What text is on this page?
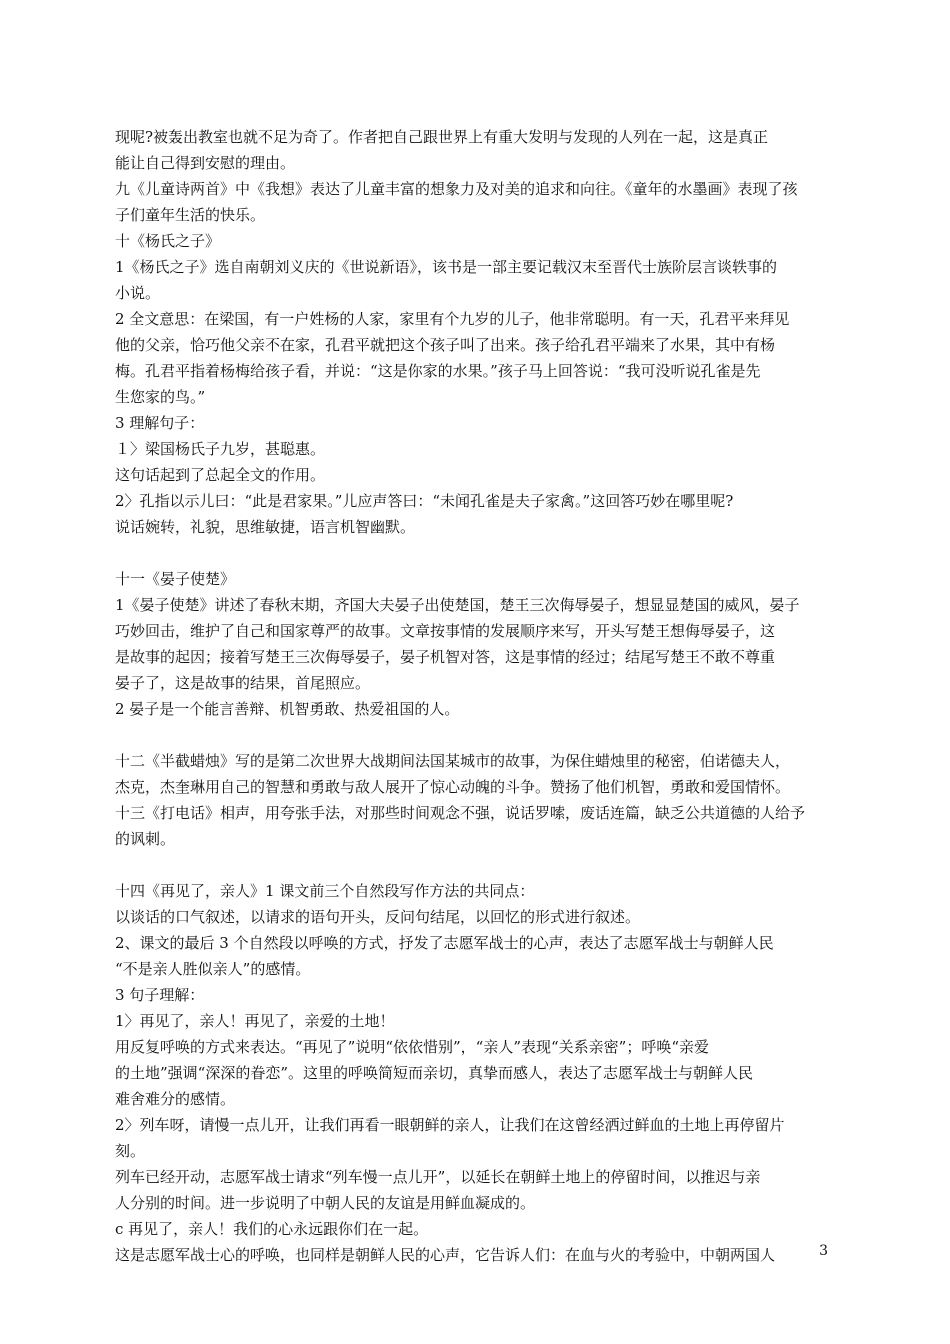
现呢?被轰出教室也就不足为奇了。作者把自己跟世界上有重大发明与发现的人列在一起，这是真正
能让自己得到安慰的理由。
九《儿童诗两首》中《我想》表达了儿童丰富的想象力及对美的追求和向往。《童年的水墨画》表现了孩
子们童年生活的快乐。
十《杨氏之子》
1《杨氏之子》选自南朝刘义庆的《世说新语》，该书是一部主要记载汉末至晋代士族阶层言谈轶事的
小说。
2 全文意思：在梁国，有一户姓杨的人家，家里有个九岁的儿子，他非常聪明。有一天，孔君平来拜见
他的父亲，恰巧他父亲不在家，孔君平就把这个孩子叫了出来。孩子给孔君平端来了水果，其中有杨
梅。孔君平指着杨梅给孩子看，并说：“这是你家的水果。”孩子马上回答说：“我可没听说孔雀是先
生您家的鸟。”
3 理解句子：
１〉梁国杨氏子九岁，甚聪惠。
这句话起到了总起全文的作用。
2〉孔指以示儿曰：“此是君家果。”儿应声答曰：“未闻孔雀是夫子家禽。”这回答巧妙在哪里呢?
说话婉转，礼貌，思维敏捷，语言机智幽默。
十一《晏子使楚》
1《晏子使楚》讲述了春秋末期，齐国大夫晏子出使楚国，楚王三次侮辱晏子，想显显楚国的威风，晏子
巧妙回击，维护了自己和国家尊严的故事。文章按事情的发展顺序来写，开头写楚王想侮辱晏子，这
是故事的起因；接着写楚王三次侮辱晏子，晏子机智对答，这是事情的经过；结尾写楚王不敢不尊重
晏子了，这是故事的结果，首尾照应。
2 晏子是一个能言善辩、机智勇敢、热爱祖国的人。
十二《半截蜡烛》写的是第二次世界大战期间法国某城市的故事，为保住蜡烛里的秘密，伯诺德夫人，
杰克，杰奎琳用自己的智慧和勇敢与敌人展开了惊心动魄的斗争。赞扬了他们机智，勇敢和爱国情怀。
十三《打电话》相声，用夸张手法，对那些时间观念不强，说话罗嗦，废话连篇，缺乏公共道德的人给予
的讽刺。
十四《再见了，亲人》1 课文前三个自然段写作方法的共同点：
以谈话的口气叙述，以请求的语句开头，反问句结尾，以回忆的形式进行叙述。
2、课文的最后 3 个自然段以呼唤的方式，抒发了志愿军战士的心声，表达了志愿军战士与朝鲜人民
“不是亲人胜似亲人”的感情。
3 句子理解：
1〉再见了，亲人！再见了，亲爱的土地！
用反复呼唤的方式来表达。“再见了”说明“依依惜别”，“亲人”表现“关系亲密”；呼唤“亲爱
的土地”强调“深深的眷恋”。这里的呼唤简短而亲切，真挚而感人，表达了志愿军战士与朝鲜人民
难舍难分的感情。
2〉列车呀，请慢一点儿开，让我们再看一眼朝鲜的亲人，让我们在这曾经洒过鲜血的土地上再停留片
刻。
列车已经开动，志愿军战士请求“列车慢一点儿开”，以延长在朝鲜土地上的停留时间，以推迟与亲
人分别的时间。进一步说明了中朝人民的友谊是用鲜血凝成的。
c 再见了，亲人！我们的心永远跟你们在一起。
这是志愿军战士心的呼唤，也同样是朝鲜人民的心声，它告诉人们：在血与火的考验中，中朝两国人	3
